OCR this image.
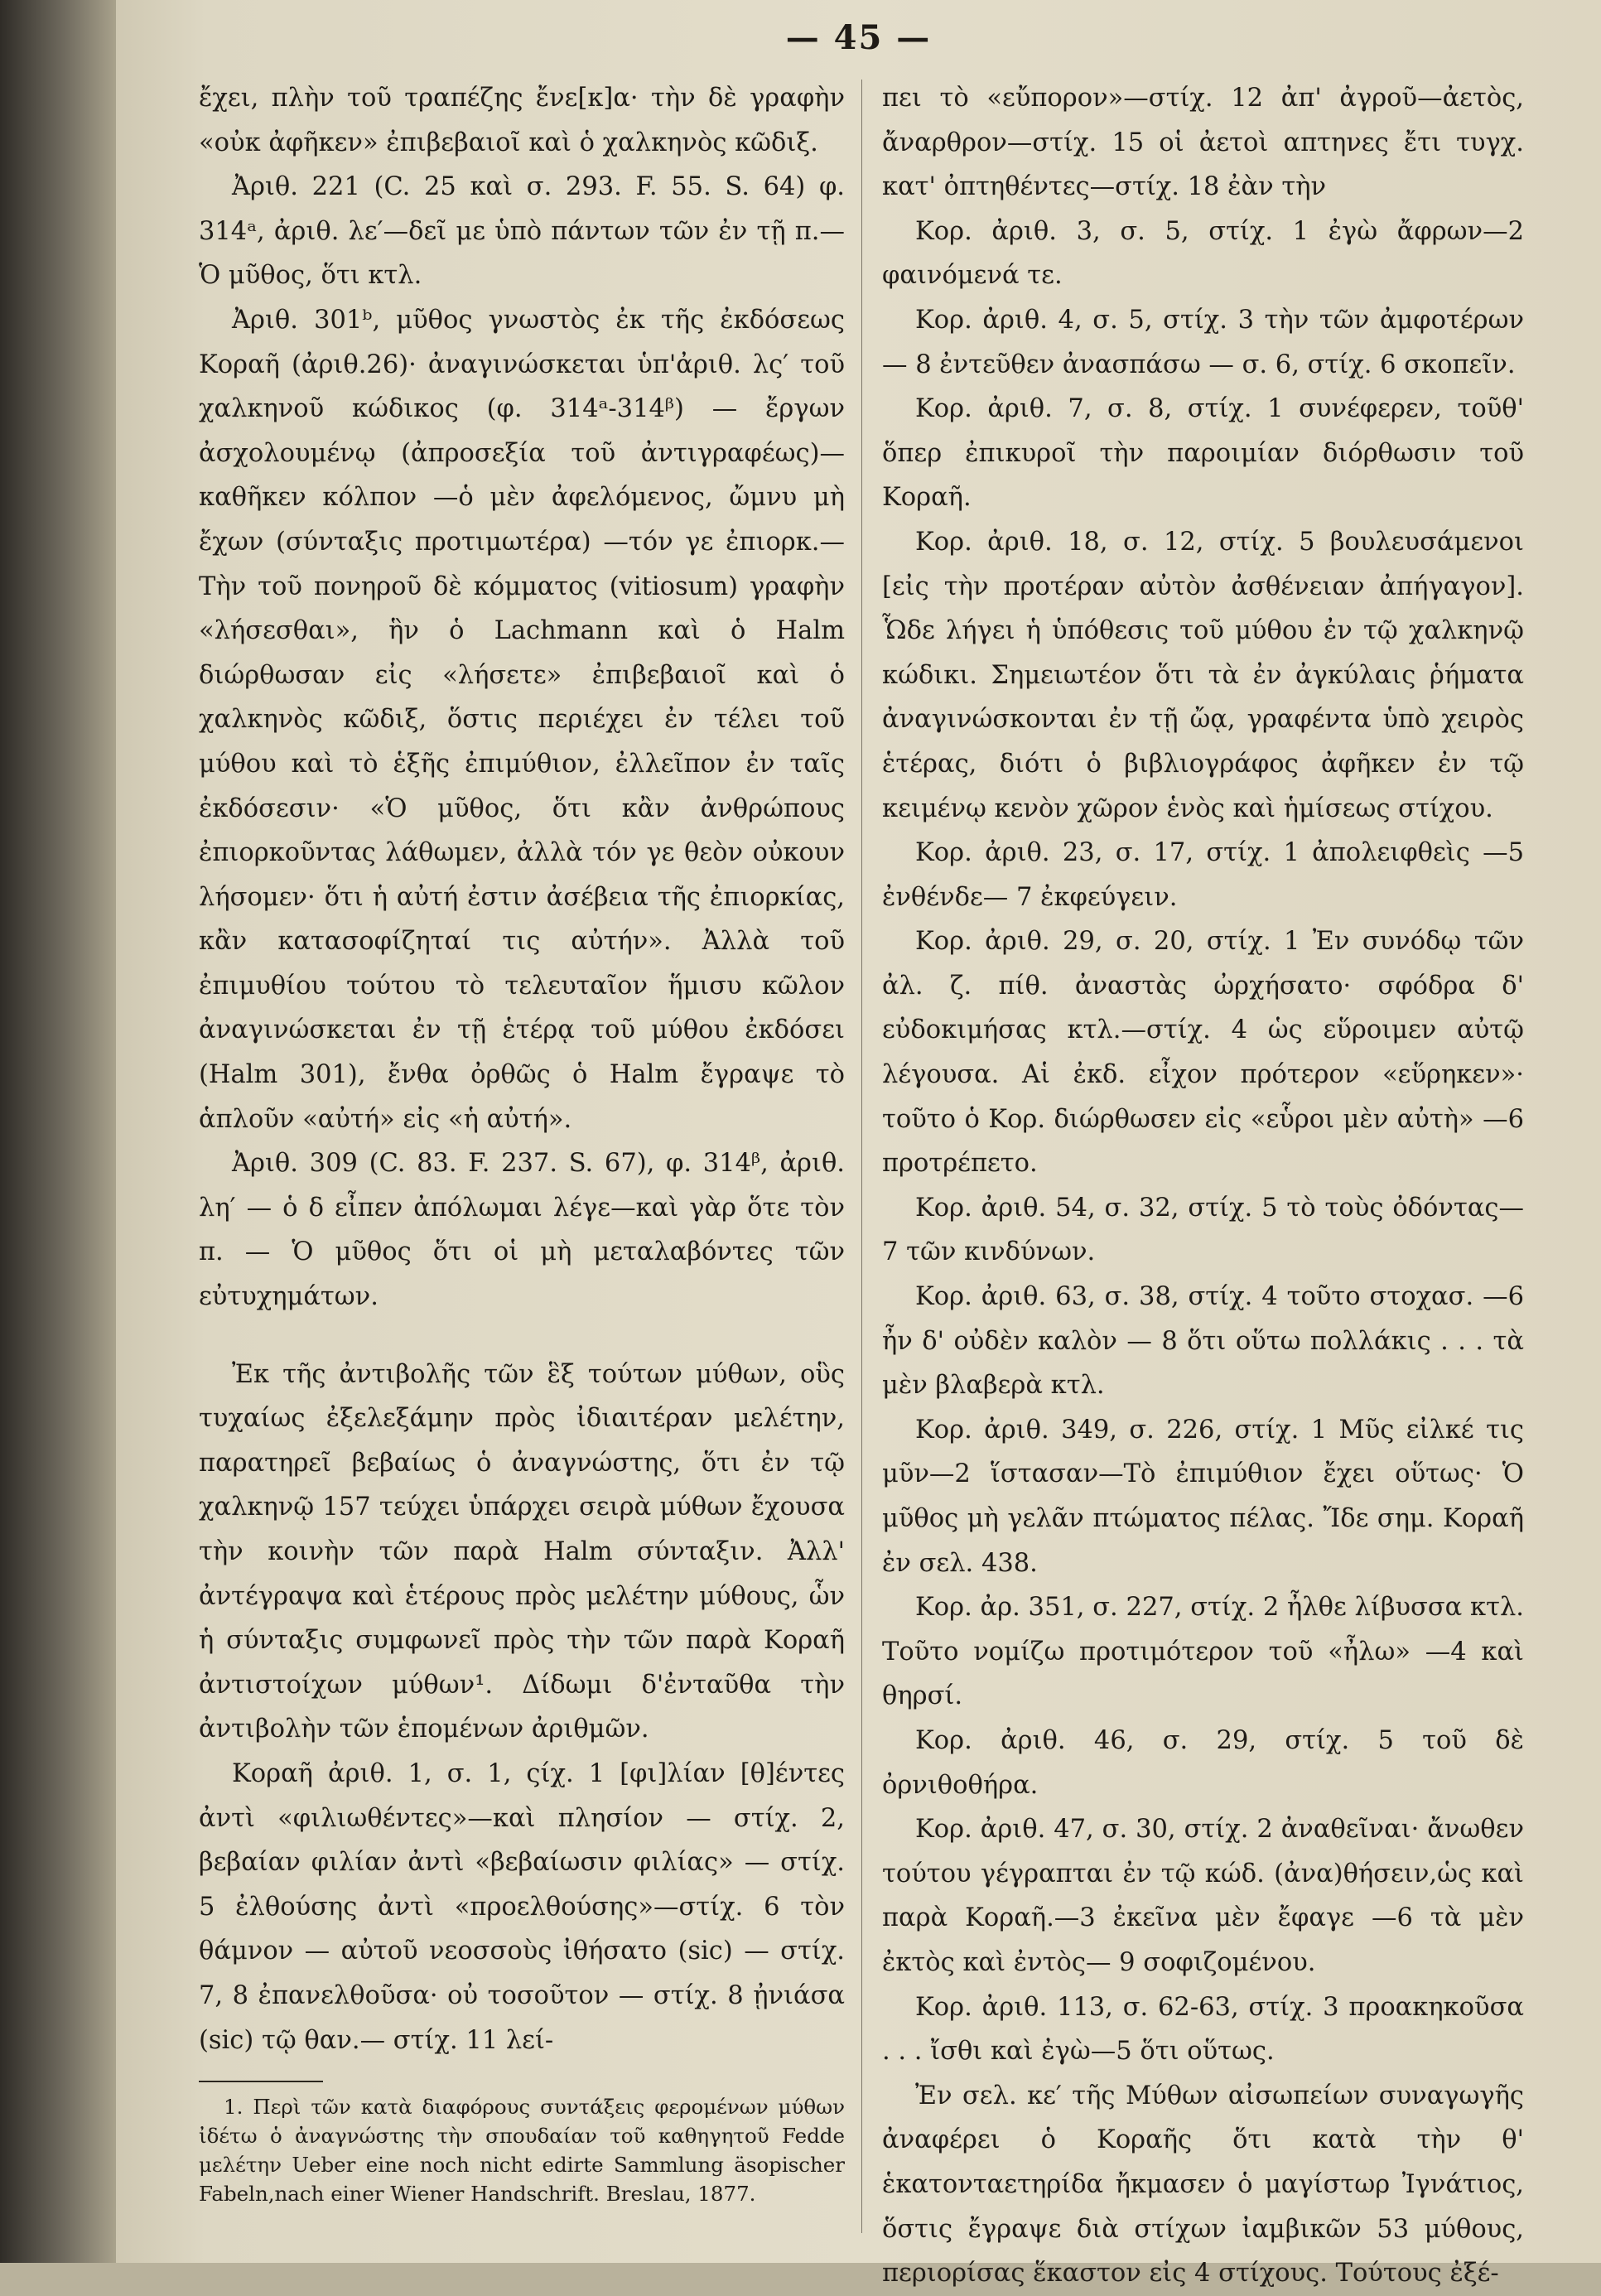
— 45 —

ἔχει, πλὴν τοῦ τραπέζης ἔνε[κ]α· τὴν δὲ γραφὴν «οὐκ ἀφῆκεν» ἐπιβεβαιοῖ καὶ ὁ χαλκηνὸς κῶδιξ.

Ἀριθ. 221 (C. 25 καὶ σ. 293. F. 55. S. 64) φ. 314ᵃ, ἀριθ. λε′—δεῖ με ὑπὸ πάντων τῶν ἐν τῇ π.—Ὁ μῦθος, ὅτι κτλ.

Ἀριθ. 301ᵇ, μῦθος γνωστὸς ἐκ τῆς ἐκδόσεως Κοραῆ (ἀριθ.26)· ἀναγινώσκεται ὑπ'ἀριθ. λς′ τοῦ χαλκηνοῦ κώδικος (φ. 314ᵃ-314ᵝ) — ἔργων ἀσχολουμένῳ (ἀπροσεξία τοῦ ἀντιγραφέως)—καθῆκεν κόλπον —ὁ μὲν ἀφελόμενος, ὤμνυ μὴ ἔχων (σύνταξις προτιμωτέρα) —τόν γε ἐπιορκ.—Τὴν τοῦ πονηροῦ δὲ κόμματος (vitiosum) γραφὴν «λήσεσθαι», ἣν ὁ Lachmann καὶ ὁ Halm διώρθωσαν εἰς «λήσετε» ἐπιβεβαιοῖ καὶ ὁ χαλκηνὸς κῶδιξ, ὅστις περιέχει ἐν τέλει τοῦ μύθου καὶ τὸ ἑξῆς ἐπιμύθιον, ἐλλεῖπον ἐν ταῖς ἐκδόσεσιν· «Ὁ μῦθος, ὅτι κἂν ἀνθρώπους ἐπιορκοῦντας λάθωμεν, ἀλλὰ τόν γε θεὸν οὐκουν λήσομεν· ὅτι ἡ αὐτή ἐστιν ἀσέβεια τῆς ἐπιορκίας, κἂν κατασοφίζηταί τις αὐτήν». Ἀλλὰ τοῦ ἐπιμυθίου τούτου τὸ τελευταῖον ἥμισυ κῶλον ἀναγινώσκεται ἐν τῇ ἑτέρᾳ τοῦ μύθου ἐκδόσει (Halm 301), ἔνθα ὀρθῶς ὁ Halm ἔγραψε τὸ ἁπλοῦν «αὐτή» εἰς «ἡ αὐτή».

Ἀριθ. 309 (C. 83. F. 237. S. 67), φ. 314ᵝ, ἀριθ. λη′ — ὁ δ εἶπεν ἀπόλωμαι λέγε—καὶ γὰρ ὅτε τὸν π. — Ὁ μῦθος ὅτι οἱ μὴ μεταλαβόντες τῶν εὐτυχημάτων.

Ἐκ τῆς ἀντιβολῆς τῶν ἓξ τούτων μύθων, οὓς τυχαίως ἐξελεξάμην πρὸς ἰδιαιτέραν μελέτην, παρατηρεῖ βεβαίως ὁ ἀναγνώστης, ὅτι ἐν τῷ χαλκηνῷ 157 τεύχει ὑπάρχει σειρὰ μύθων ἔχουσα τὴν κοινὴν τῶν παρὰ Halm σύνταξιν. Ἀλλ' ἀντέγραψα καὶ ἑτέρους πρὸς μελέτην μύθους, ὧν ἡ σύνταξις συμφωνεῖ πρὸς τὴν τῶν παρὰ Κοραῆ ἀντιστοίχων μύθων¹. Δίδωμι δ'ἐνταῦθα τὴν ἀντιβολὴν τῶν ἑπομένων ἀριθμῶν.

Κοραῆ ἀριθ. 1, σ. 1, ςίχ. 1 [φι]λίαν [θ]έντες ἀντὶ «φιλιωθέντες»—καὶ πλησίον — στίχ. 2, βεβαίαν φιλίαν ἀντὶ «βεβαίωσιν φιλίας» — στίχ. 5 ἐλθούσης ἀντὶ «προελθούσης»—στίχ. 6 τὸν θάμνον — αὐτοῦ νεοσσοὺς ἰθήσατο (sic) — στίχ. 7, 8 ἐπανελθοῦσα· οὐ τοσοῦτον — στίχ. 8 ᾐνιάσα (sic) τῷ θαν.— στίχ. 11 λεί-

1. Περὶ τῶν κατὰ διαφόρους συντάξεις φερομένων μύθων ἰδέτω ὁ ἀναγνώστης τὴν σπουδαίαν τοῦ καθηγητοῦ Fedde μελέτην Ueber eine noch nicht edirte Sammlung äsopischer Fabeln,nach einer Wiener Handschrift. Breslau, 1877.

πει τὸ «εὔπορον»—στίχ. 12 ἀπ' ἀγροῦ—ἀετὸς, ἄναρθρον—στίχ. 15 οἱ ἀετοὶ απτηνες ἔτι τυγχ. κατ' ὀπτηθέντες—στίχ. 18 ἐὰν τὴν

Κορ. ἀριθ. 3, σ. 5, στίχ. 1 ἐγὼ ἄφρων—2 φαινόμενά τε.

Κορ. ἀριθ. 4, σ. 5, στίχ. 3 τὴν τῶν ἀμφοτέρων — 8 ἐντεῦθεν ἀνασπάσω — σ. 6, στίχ. 6 σκοπεῖν.

Κορ. ἀριθ. 7, σ. 8, στίχ. 1 συνέφερεν, τοῦθ' ὅπερ ἐπικυροῖ τὴν παροιμίαν διόρθωσιν τοῦ Κοραῆ.

Κορ. ἀριθ. 18, σ. 12, στίχ. 5 βουλευσάμενοι [εἰς τὴν προτέραν αὐτὸν ἀσθένειαν ἀπήγαγον]. Ὧδε λήγει ἡ ὑπόθεσις τοῦ μύθου ἐν τῷ χαλκηνῷ κώδικι. Σημειωτέον ὅτι τὰ ἐν ἀγκύλαις ῥήματα ἀναγινώσκονται ἐν τῇ ὤᾳ, γραφέντα ὑπὸ χειρὸς ἑτέρας, διότι ὁ βιβλιογράφος ἀφῆκεν ἐν τῷ κειμένῳ κενὸν χῶρον ἑνὸς καὶ ἡμίσεως στίχου.

Κορ. ἀριθ. 23, σ. 17, στίχ. 1 ἀπολειφθεὶς —5 ἐνθένδε— 7 ἐκφεύγειν.

Κορ. ἀριθ. 29, σ. 20, στίχ. 1 Ἐν συνόδῳ τῶν ἀλ. ζ. πίθ. ἀναστὰς ὠρχήσατο· σφόδρα δ' εὐδοκιμήσας κτλ.—στίχ. 4 ὡς εὕροιμεν αὐτῷ λέγουσα. Αἱ ἐκδ. εἶχον πρότερον «εὕρηκεν»· τοῦτο ὁ Κορ. διώρθωσεν εἰς «εὗροι μὲν αὐτὴ» —6 προτρέπετο.

Κορ. ἀριθ. 54, σ. 32, στίχ. 5 τὸ τοὺς ὀδόντας— 7 τῶν κινδύνων.

Κορ. ἀριθ. 63, σ. 38, στίχ. 4 τοῦτο στοχασ. —6 ἦν δ' οὐδὲν καλὸν — 8 ὅτι οὕτω πολλάκις . . . τὰ μὲν βλαβερὰ κτλ.

Κορ. ἀριθ. 349, σ. 226, στίχ. 1 Μῦς εἰλκέ τις μῦν—2 ἵστασαν—Τὸ ἐπιμύθιον ἔχει οὕτως· Ὁ μῦθος μὴ γελᾶν πτώματος πέλας. Ἴδε σημ. Κοραῆ ἐν σελ. 438.

Κορ. ἀρ. 351, σ. 227, στίχ. 2 ἦλθε λίβυσσα κτλ. Τοῦτο νομίζω προτιμότερον τοῦ «ἦλω» —4 καὶ θηρσί.

Κορ. ἀριθ. 46, σ. 29, στίχ. 5 τοῦ δὲ ὀρνιθοθήρα.

Κορ. ἀριθ. 47, σ. 30, στίχ. 2 ἀναθεῖναι· ἄνωθεν τούτου γέγραπται ἐν τῷ κώδ. (ἀνα)θήσειν,ὡς καὶ παρὰ Κοραῆ.—3 ἐκεῖνα μὲν ἔφαγε —6 τὰ μὲν ἐκτὸς καὶ ἐντὸς— 9 σοφιζομένου.

Κορ. ἀριθ. 113, σ. 62-63, στίχ. 3 προακηκοῦσα . . . ἴσθι καὶ ἐγὼ—5 ὅτι οὕτως.

Ἐν σελ. κε′ τῆς Μύθων αἰσωπείων συναγωγῆς ἀναφέρει ὁ Κοραῆς ὅτι κατὰ τὴν θ' ἑκατονταετηρίδα ἤκμασεν ὁ μαγίστωρ Ἰγνάτιος, ὅστις ἔγραψε διὰ στίχων ἰαμβικῶν 53 μύθους, περιορίσας ἕκαστον εἰς 4 στίχους. Τούτους ἐξέ-
